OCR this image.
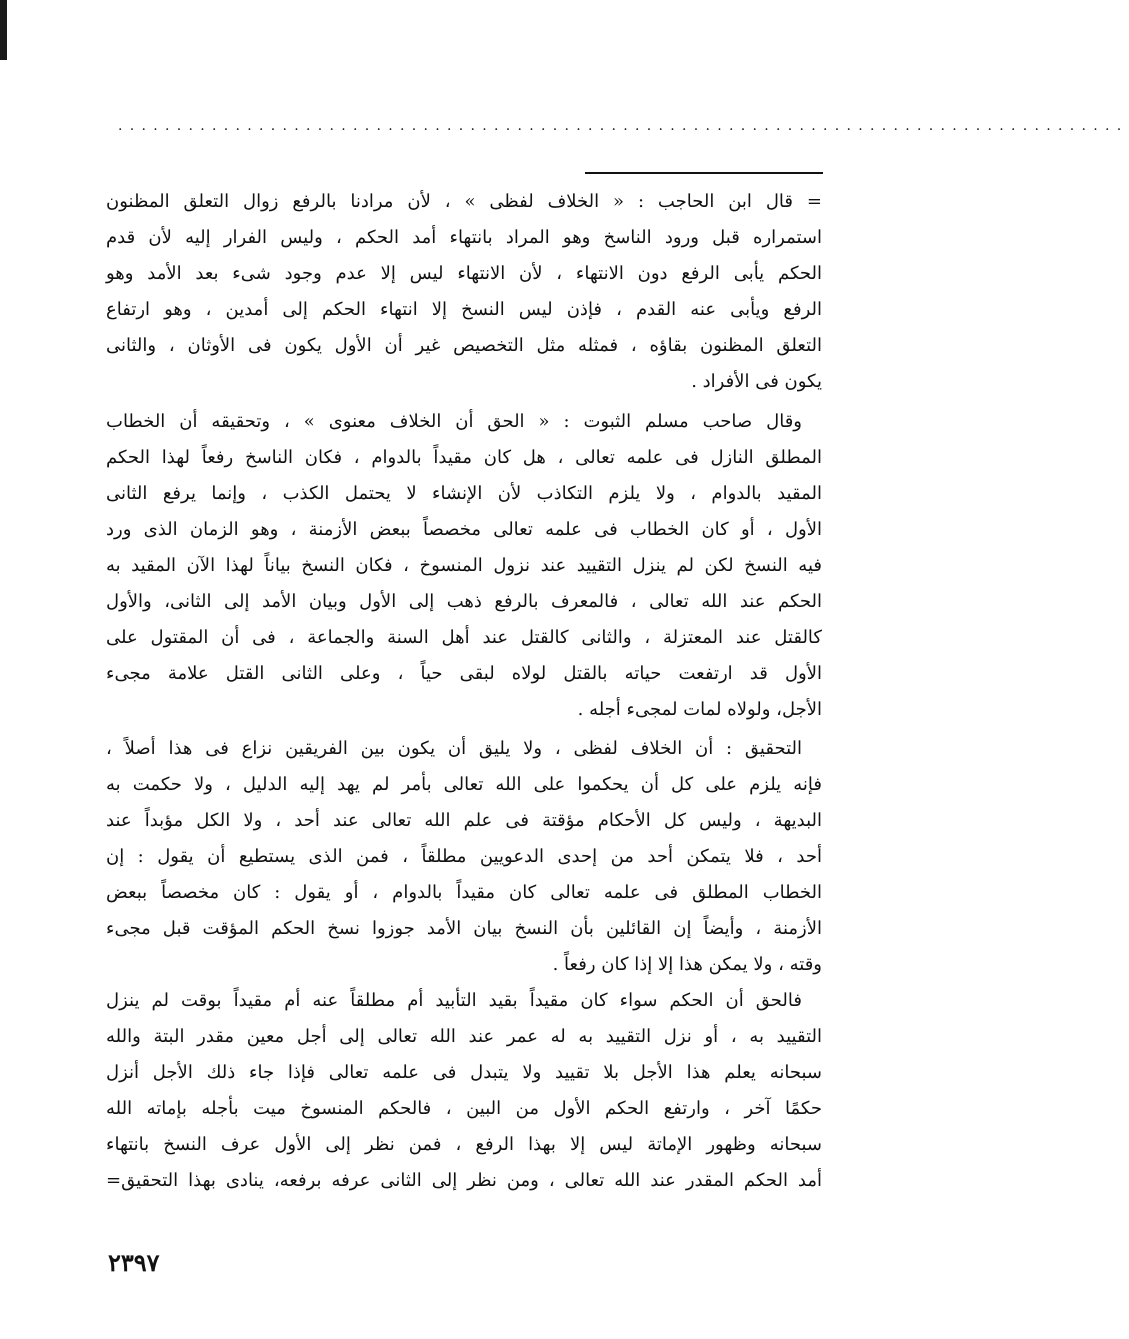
......................................................................................
= قال ابن الحاجب : « الخلاف لفظى » ، لأن مرادنا بالرفع زوال التعلق المظنون
استمراره قبل ورود الناسخ وهو المراد بانتهاء أمد الحكم ، وليس الفرار إليه لأن قدم
الحكم يأبى الرفع دون الانتهاء ، لأن الانتهاء ليس إلا عدم وجود شىء بعد الأمد وهو
الرفع ويأبى عنه القدم ، فإذن ليس النسخ إلا انتهاء الحكم إلى أمدين ، وهو ارتفاع
التعلق المظنون بقاؤه ، فمثله مثل التخصيص غير أن الأول يكون فى الأوثان ، والثانى
يكون فى الأفراد .
وقال صاحب مسلم الثبوت : « الحق أن الخلاف معنوى » ، وتحقيقه أن الخطاب
المطلق النازل فى علمه تعالى ، هل كان مقيداً بالدوام ، فكان الناسخ رفعاً لهذا الحكم
المقيد بالدوام ، ولا يلزم التكاذب لأن الإنشاء لا يحتمل الكذب ، وإنما يرفع الثانى
الأول ، أو كان الخطاب فى علمه تعالى مخصصاً ببعض الأزمنة ، وهو الزمان الذى ورد
فيه النسخ لكن لم ينزل التقييد عند نزول المنسوخ ، فكان النسخ بياناً لهذا الآن المقيد به
الحكم عند الله تعالى ، فالمعرف بالرفع ذهب إلى الأول وبيان الأمد إلى الثانى، والأول
كالقتل عند المعتزلة ، والثانى كالقتل عند أهل السنة والجماعة ، فى أن المقتول على
الأول قد ارتفعت حياته بالقتل لولاه لبقى حياً ، وعلى الثانى القتل علامة مجىء
الأجل، ولولاه لمات لمجىء أجله .
التحقيق : أن الخلاف لفظى ، ولا يليق أن يكون بين الفريقين نزاع فى هذا أصلاً ،
فإنه يلزم على كل أن يحكموا على الله تعالى بأمر لم يهد إليه الدليل ، ولا حكمت به
البديهة ، وليس كل الأحكام مؤقتة فى علم الله تعالى عند أحد ، ولا الكل مؤبداً عند
أحد ، فلا يتمكن أحد من إحدى الدعويين مطلقاً ، فمن الذى يستطيع أن يقول : إن
الخطاب المطلق فى علمه تعالى كان مقيداً بالدوام ، أو يقول : كان مخصصاً ببعض
الأزمنة ، وأيضاً إن القائلين بأن النسخ بيان الأمد جوزوا نسخ الحكم المؤقت قبل مجىء
وقته ، ولا يمكن هذا إلا إذا كان رفعاً .
فالحق أن الحكم سواء كان مقيداً بقيد التأبيد أم مطلقاً عنه أم مقيداً بوقت لم ينزل
التقييد به ، أو نزل التقييد به له عمر عند الله تعالى إلى أجل معين مقدر البتة والله
سبحانه يعلم هذا الأجل بلا تقييد ولا يتبدل فى علمه تعالى فإذا جاء ذلك الأجل أنزل
حكمًا آخر ، وارتفع الحكم الأول من البين ، فالحكم المنسوخ ميت بأجله بإماته الله
سبحانه وظهور الإماتة ليس إلا بهذا الرفع ، فمن نظر إلى الأول عرف النسخ بانتهاء
أمد الحكم المقدر عند الله تعالى ، ومن نظر إلى الثانى عرفه برفعه، ينادى بهذا التحقيق=
٢٣٩٧
